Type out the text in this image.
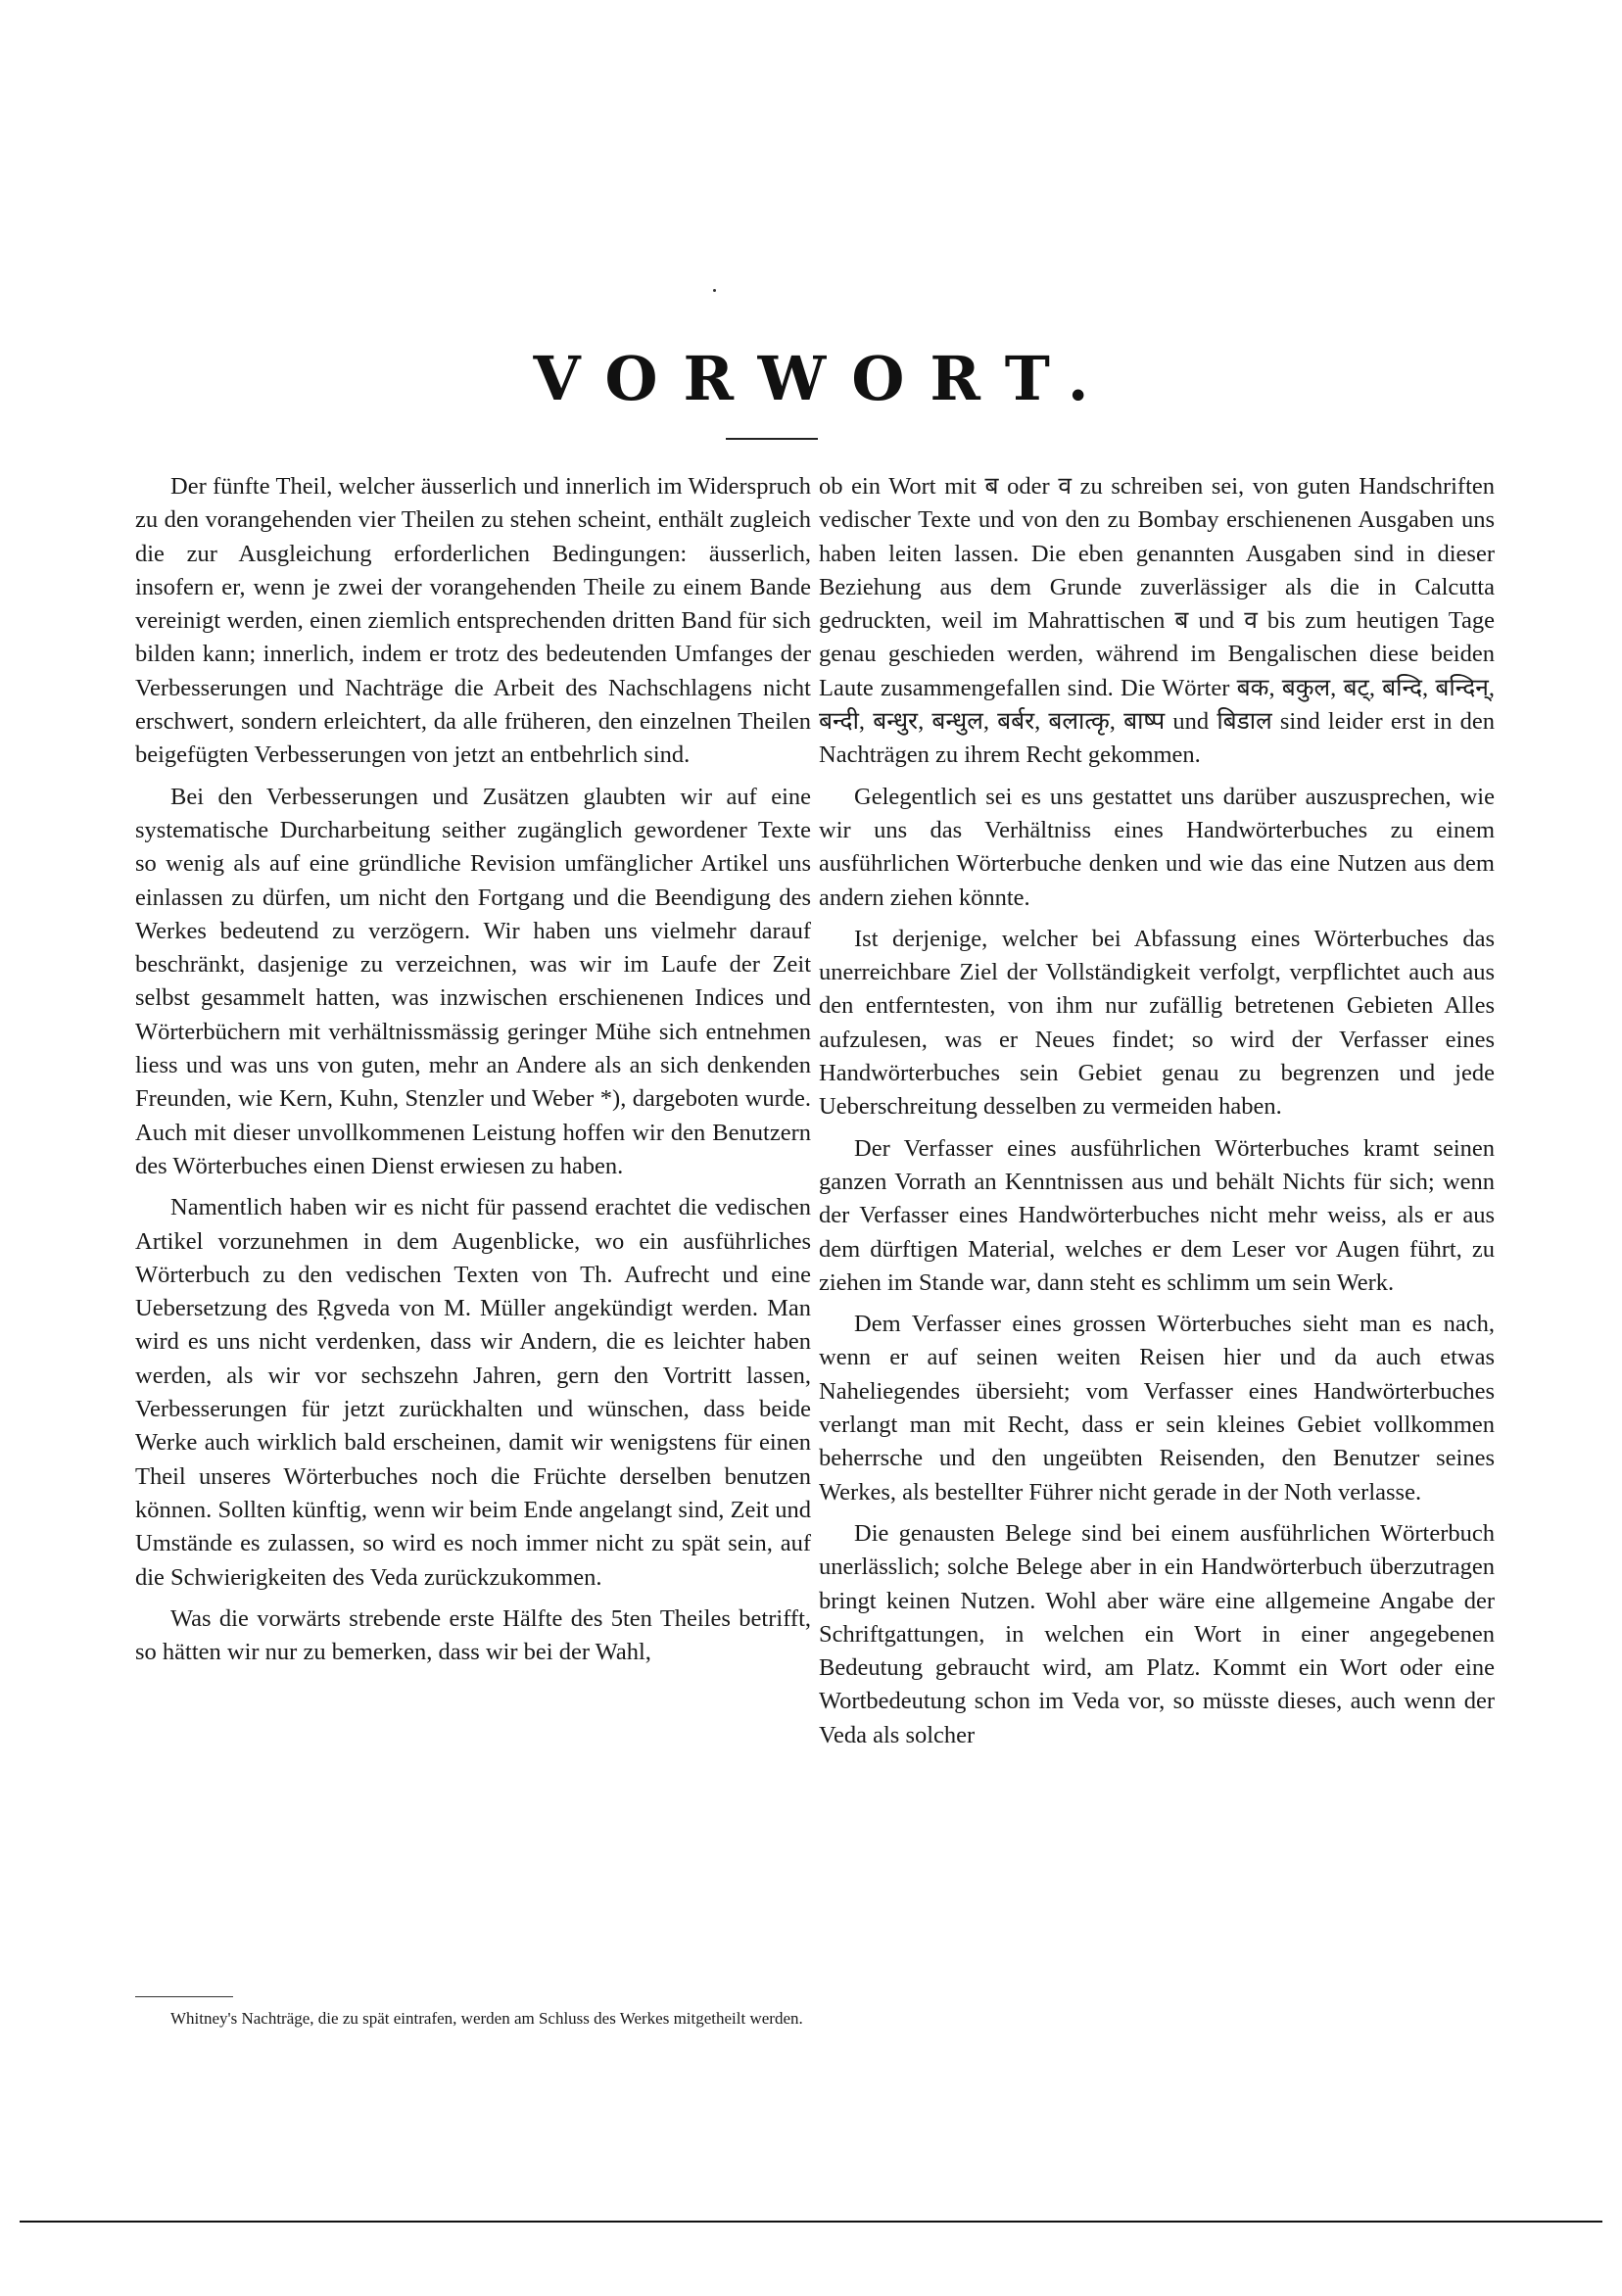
VORWORT.

Der fünfte Theil, welcher äusserlich und innerlich im Widerspruch zu den vorangehenden vier Theilen zu stehen scheint, enthält zugleich die zur Ausgleichung erforderlichen Bedingungen: äusserlich, insofern er, wenn je zwei der vorangehenden Theile zu einem Bande vereinigt werden, einen ziemlich entsprechenden dritten Band für sich bilden kann; innerlich, indem er trotz des bedeutenden Umfanges der Verbesserungen und Nachträge die Arbeit des Nachschlagens nicht erschwert, sondern erleichtert, da alle früheren, den einzelnen Theilen beigefügten Verbesserungen von jetzt an entbehrlich sind.

Bei den Verbesserungen und Zusätzen glaubten wir auf eine systematische Durcharbeitung seither zugänglich gewordener Texte so wenig als auf eine gründliche Revision umfänglicher Artikel uns einlassen zu dürfen, um nicht den Fortgang und die Beendigung des Werkes bedeutend zu verzögern. Wir haben uns vielmehr darauf beschränkt, dasjenige zu verzeichnen, was wir im Laufe der Zeit selbst gesammelt hatten, was inzwischen erschienenen Indices und Wörterbüchern mit verhältnissmässig geringer Mühe sich entnehmen liess und was uns von guten, mehr an Andere als an sich denkenden Freunden, wie Kern, Kuhn, Stenzler und Weber *), dargeboten wurde. Auch mit dieser unvollkommenen Leistung hoffen wir den Benutzern des Wörterbuches einen Dienst erwiesen zu haben.

Namentlich haben wir es nicht für passend erachtet die vedischen Artikel vorzunehmen in dem Augenblicke, wo ein ausführliches Wörterbuch zu den vedischen Texten von Th. Aufrecht und eine Uebersetzung des Ṛgveda von M. Müller angekündigt werden. Man wird es uns nicht verdenken, dass wir Andern, die es leichter haben werden, als wir vor sechszehn Jahren, gern den Vortritt lassen, Verbesserungen für jetzt zurückhalten und wünschen, dass beide Werke auch wirklich bald erscheinen, damit wir wenigstens für einen Theil unseres Wörterbuches noch die Früchte derselben benutzen können. Sollten künftig, wenn wir beim Ende angelangt sind, Zeit und Umstände es zulassen, so wird es noch immer nicht zu spät sein, auf die Schwierigkeiten des Veda zurückzukommen.

Was die vorwärts strebende erste Hälfte des 5ten Theiles betrifft, so hätten wir nur zu bemerken, dass wir bei der Wahl,

ob ein Wort mit ब oder व zu schreiben sei, von guten Handschriften vedischer Texte und von den zu Bombay erschienenen Ausgaben uns haben leiten lassen. Die eben genannten Ausgaben sind in dieser Beziehung aus dem Grunde zuverlässiger als die in Calcutta gedruckten, weil im Mahrattischen ब und व bis zum heutigen Tage genau geschieden werden, während im Bengalischen diese beiden Laute zusammengefallen sind. Die Wörter बक, बकुल, बट्, बन्दि, बन्दिन्, बन्दी, बन्धुर, बन्धुल, बर्बर, बलात्कृ, बाष्प und बिडाल sind leider erst in den Nachträgen zu ihrem Recht gekommen.

Gelegentlich sei es uns gestattet uns darüber auszusprechen, wie wir uns das Verhältniss eines Handwörterbuches zu einem ausführlichen Wörterbuche denken und wie das eine Nutzen aus dem andern ziehen könnte.

Ist derjenige, welcher bei Abfassung eines Wörterbuches das unerreichbare Ziel der Vollständigkeit verfolgt, verpflichtet auch aus den entferntesten, von ihm nur zufällig betretenen Gebieten Alles aufzulesen, was er Neues findet; so wird der Verfasser eines Handwörterbuches sein Gebiet genau zu begrenzen und jede Ueberschreitung desselben zu vermeiden haben.

Der Verfasser eines ausführlichen Wörterbuches kramt seinen ganzen Vorrath an Kenntnissen aus und behält Nichts für sich; wenn der Verfasser eines Handwörterbuches nicht mehr weiss, als er aus dem dürftigen Material, welches er dem Leser vor Augen führt, zu ziehen im Stande war, dann steht es schlimm um sein Werk.

Dem Verfasser eines grossen Wörterbuches sieht man es nach, wenn er auf seinen weiten Reisen hier und da auch etwas Naheliegendes übersieht; vom Verfasser eines Handwörterbuches verlangt man mit Recht, dass er sein kleines Gebiet vollkommen beherrsche und den ungeübten Reisenden, den Benutzer seines Werkes, als bestellter Führer nicht gerade in der Noth verlasse.

Die genausten Belege sind bei einem ausführlichen Wörterbuch unerlässlich; solche Belege aber in ein Handwörterbuch überzutragen bringt keinen Nutzen. Wohl aber wäre eine allgemeine Angabe der Schriftgattungen, in welchen ein Wort in einer angegebenen Bedeutung gebraucht wird, am Platz. Kommt ein Wort oder eine Wortbedeutung schon im Veda vor, so müsste dieses, auch wenn der Veda als solcher

Whitney's Nachträge, die zu spät eintrafen, werden am Schluss des Werkes mitgetheilt werden.
